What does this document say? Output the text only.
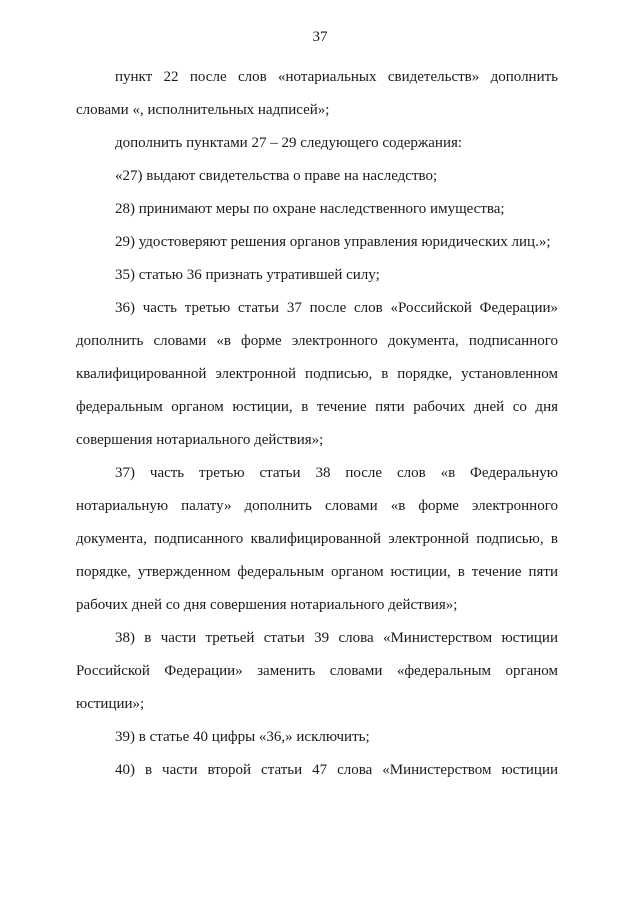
37

пункт 22 после слов «нотариальных свидетельств» дополнить словами «, исполнительных надписей»;

дополнить пунктами 27 – 29 следующего содержания:

«27) выдают свидетельства о праве на наследство;

28) принимают меры по охране наследственного имущества;

29) удостоверяют решения органов управления юридических лиц.»;

35) статью 36 признать утратившей силу;

36) часть третью статьи 37 после слов «Российской Федерации» дополнить словами «в форме электронного документа, подписанного квалифицированной электронной подписью, в порядке, установленном федеральным органом юстиции, в течение пяти рабочих дней со дня совершения нотариального действия»;

37) часть третью статьи 38 после слов «в Федеральную нотариальную палату» дополнить словами «в форме электронного документа, подписанного квалифицированной электронной подписью, в порядке, утвержденном федеральным органом юстиции, в течение пяти рабочих дней со дня совершения нотариального действия»;

38) в части третьей статьи 39 слова «Министерством юстиции Российской Федерации» заменить словами «федеральным органом юстиции»;

39) в статье 40 цифры «36,» исключить;

40) в части второй статьи 47 слова «Министерством юстиции
